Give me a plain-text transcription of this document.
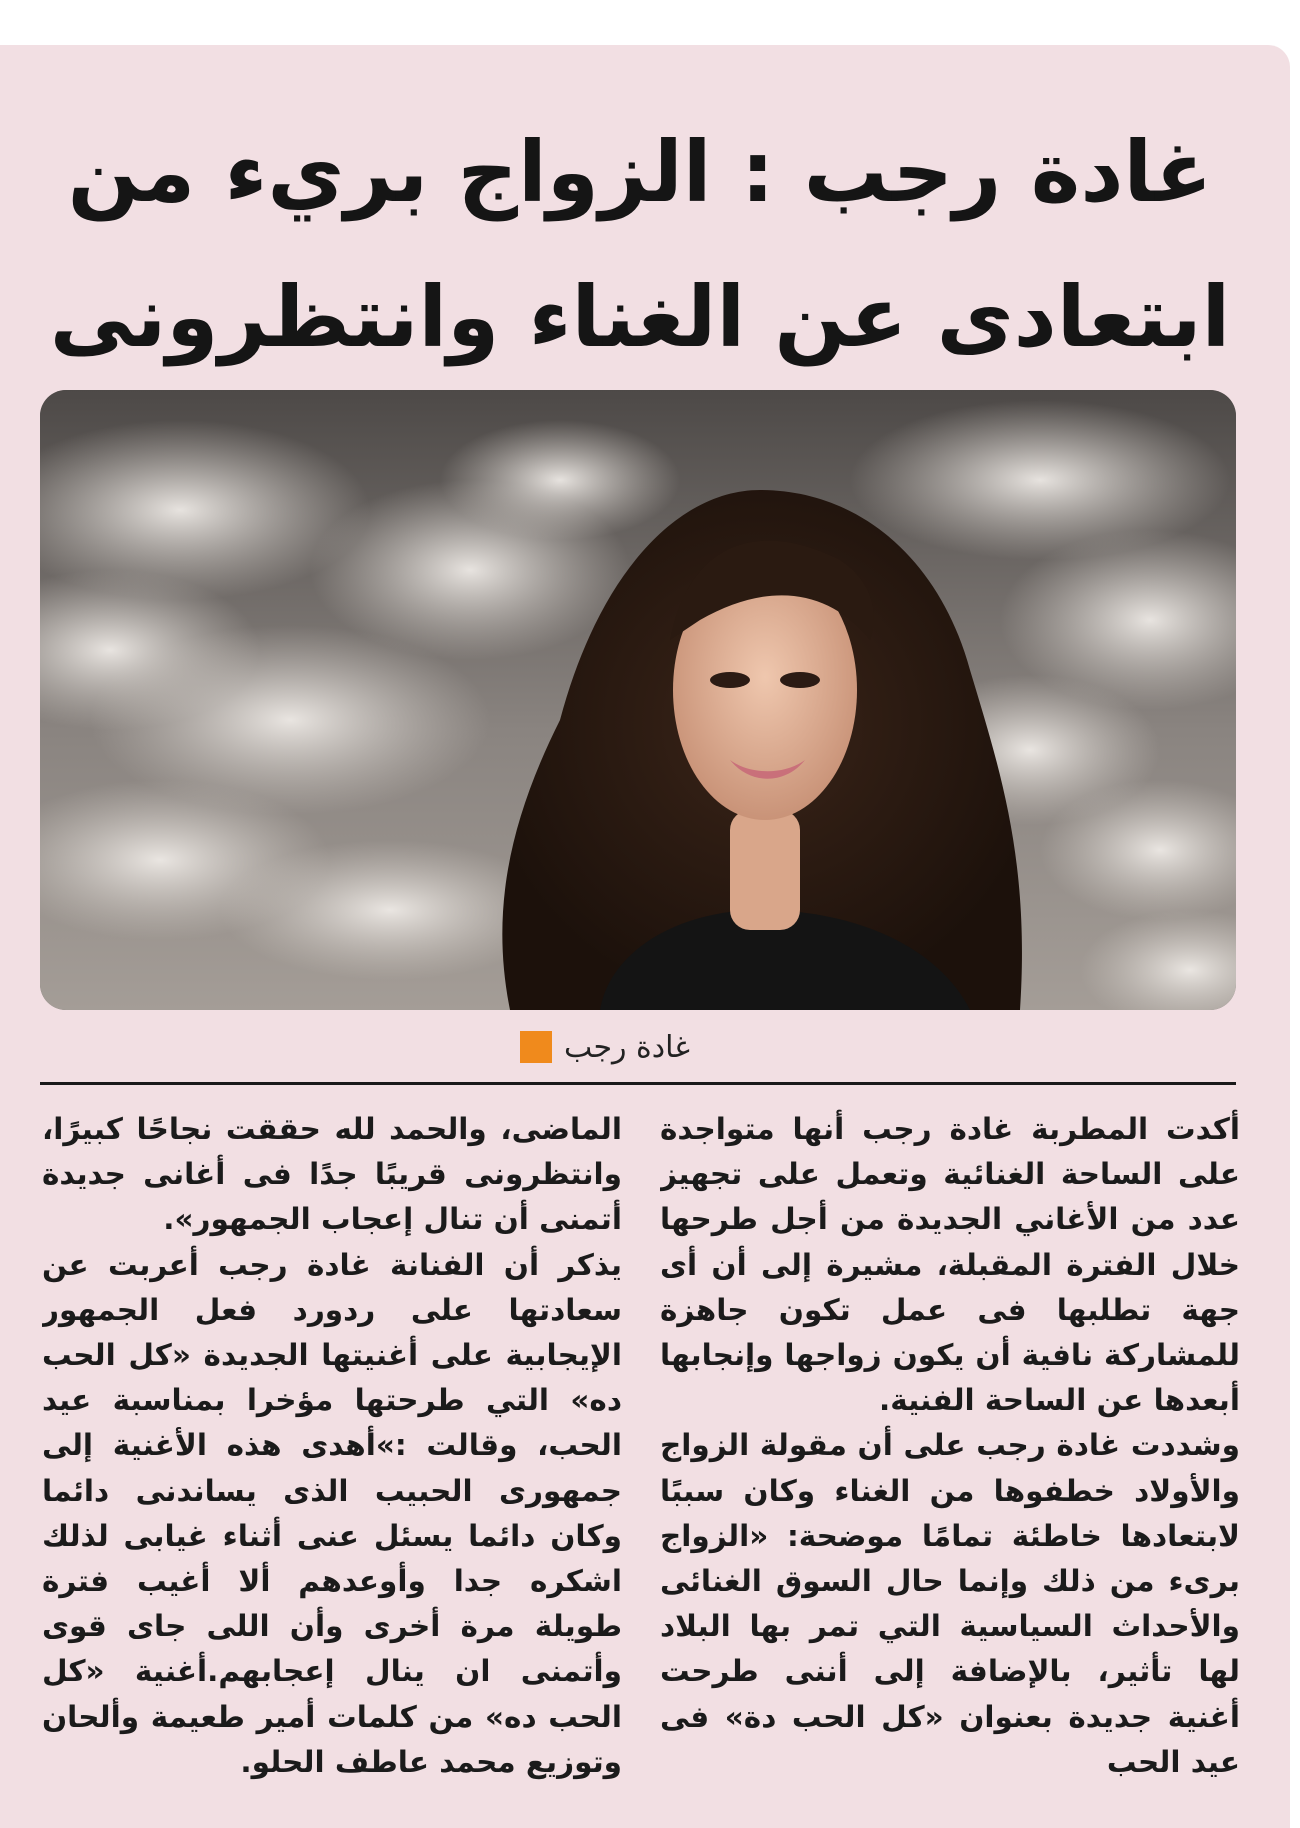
غادة رجب : الزواج بريء من ابتعادى عن الغناء وانتظرونى
غادة رجب

أكدت المطربة غادة رجب أنها متواجدة على الساحة الغنائية وتعمل على تجهيز عدد من الأغاني الجديدة من أجل طرحها خلال الفترة المقبلة، مشيرة إلى أن أى جهة تطلبها فى عمل تكون جاهزة للمشاركة نافية أن يكون زواجها وإنجابها أبعدها عن الساحة الفنية.

وشددت غادة رجب على أن مقولة الزواج والأولاد خطفوها من الغناء وكان سببًا لابتعادها خاطئة تمامًا موضحة: «الزواج برىء من ذلك وإنما حال السوق الغنائى والأحداث السياسية التي تمر بها البلاد لها تأثير، بالإضافة إلى أننى طرحت أغنية جديدة بعنوان «كل الحب دة» فى عيد الحب

الماضى، والحمد لله حققت نجاحًا كبيرًا، وانتظرونى قريبًا جدًا فى أغانى جديدة أتمنى أن تنال إعجاب الجمهور».

يذكر أن الفنانة غادة رجب أعربت عن سعادتها على ردورد فعل الجمهور الإيجابية على أغنيتها الجديدة «كل الحب ده» التي طرحتها مؤخرا بمناسبة عيد الحب، وقالت :»أهدى هذه الأغنية إلى جمهورى الحبيب الذى يساندنى دائما وكان دائما يسئل عنى أثناء غيابى لذلك اشكره جدا وأوعدهم ألا أغيب فترة طويلة مرة أخرى وأن اللى جاى قوى وأتمنى ان ينال إعجابهم.أغنية «كل الحب ده» من كلمات أمير طعيمة وألحان وتوزيع محمد عاطف الحلو.
